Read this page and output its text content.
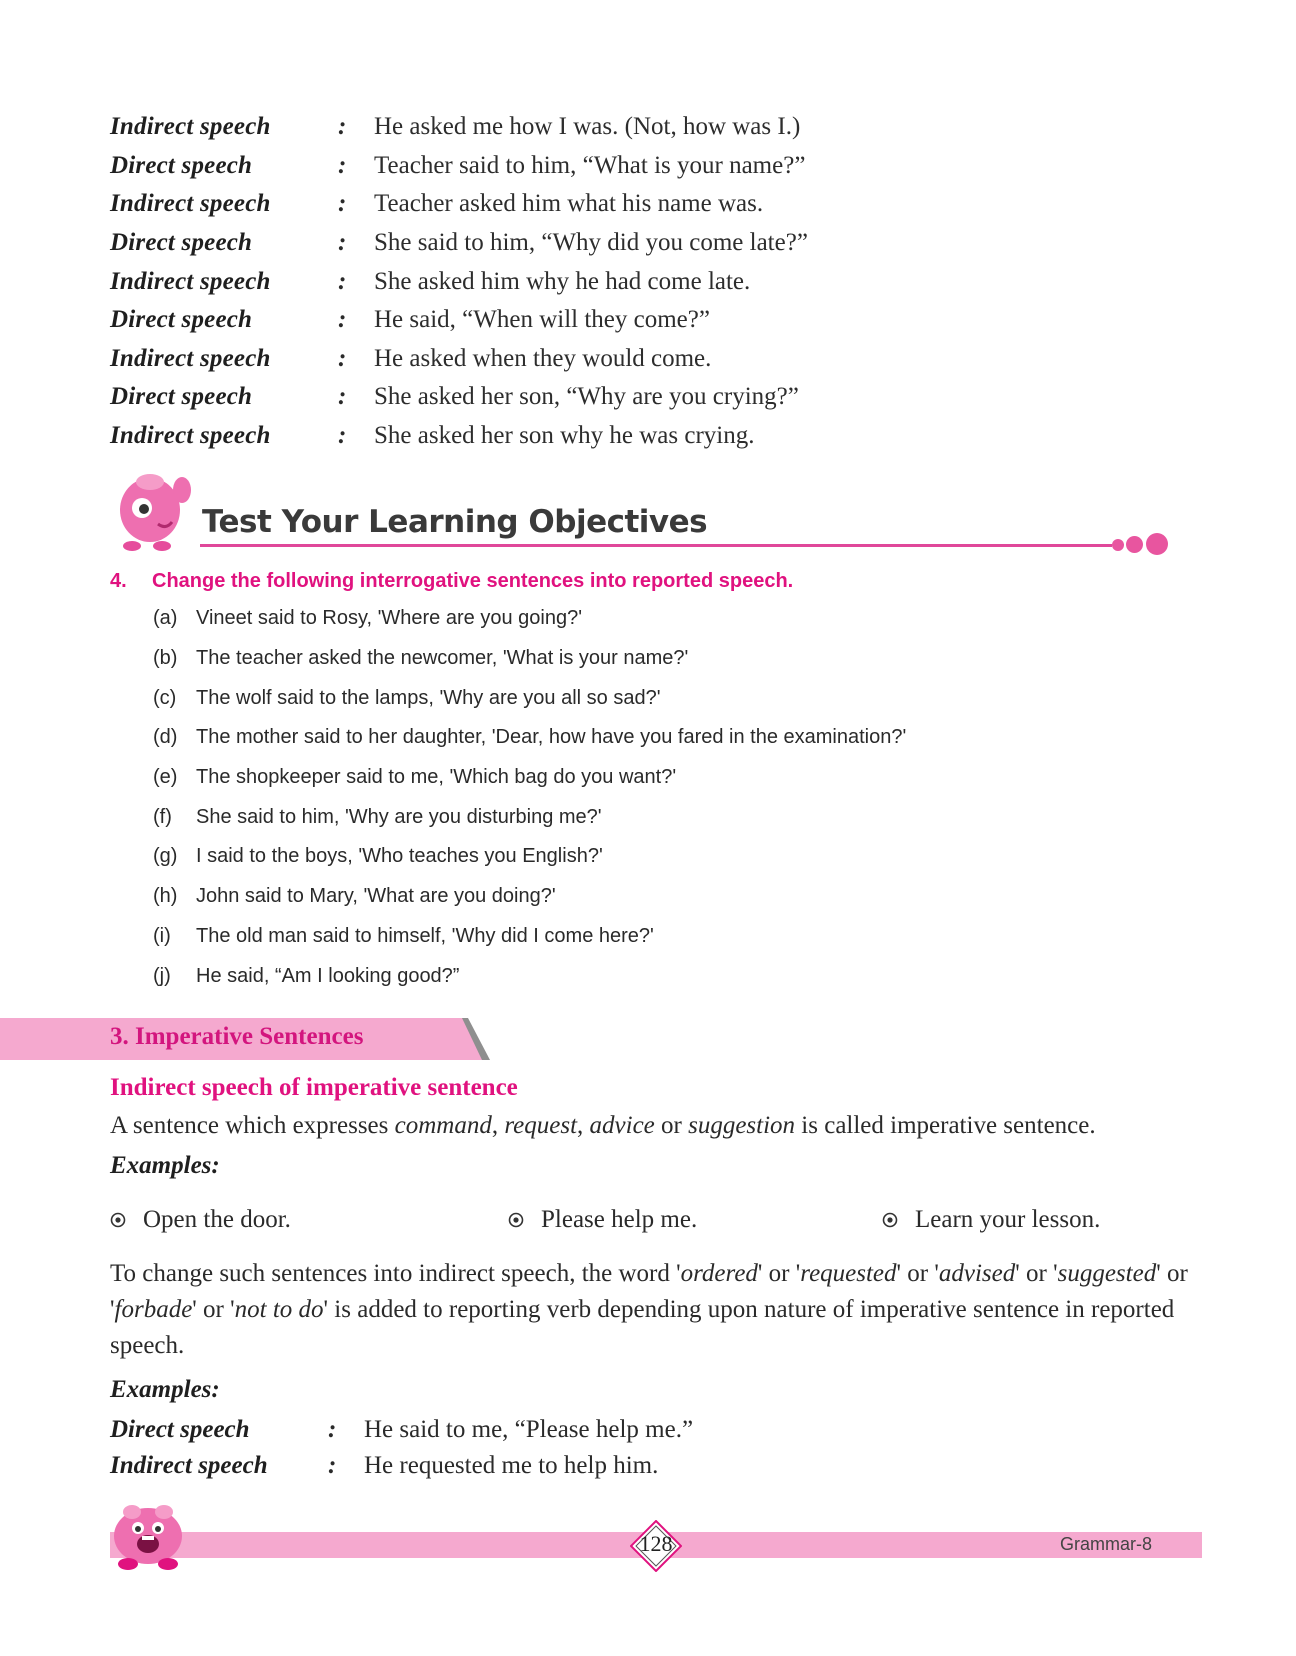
Indirect speech	:	He asked me how I was. (Not, how was I.)
Direct speech	:	Teacher said to him, “What is your name?”
Indirect speech	:	Teacher asked him what his name was.
Direct speech	:	She said to him, “Why did you come late?”
Indirect speech	:	She asked him why he had come late.
Direct speech	:	He said, “When will they come?”
Indirect speech	:	He asked when they would come.
Direct speech	:	She asked her son, “Why are you crying?”
Indirect speech	:	She asked her son why he was crying.
Test Your Learning Objectives
4.	Change the following interrogative sentences into reported speech.
(a) Vineet said to Rosy, 'Where are you going?'
(b) The teacher asked the newcomer, 'What is your name?'
(c) The wolf said to the lamps, 'Why are you all so sad?'
(d) The mother said to her daughter, 'Dear, how have you fared in the examination?'
(e) The shopkeeper said to me, 'Which bag do you want?'
(f)	She said to him, 'Why are you disturbing me?'
(g) I said to the boys, 'Who teaches you English?'
(h) John said to Mary, 'What are you doing?'
(i)	The old man said to himself, 'Why did I come here?'
(j)	He said, “Am I looking good?”
3. Imperative Sentences
Indirect speech of imperative sentence
A sentence which expresses command, request, advice or suggestion is called imperative sentence.
Examples:
Open the door.	Please help me.	Learn your lesson.
To change such sentences into indirect speech, the word 'ordered' or 'requested' or 'advised' or 'suggested' or 'forbade' or 'not to do' is added to reporting verb depending upon nature of imperative sentence in reported speech.
Examples:
Direct speech	:	He said to me, “Please help me.”
Indirect speech	:	He requested me to help him.
128	Grammar-8
